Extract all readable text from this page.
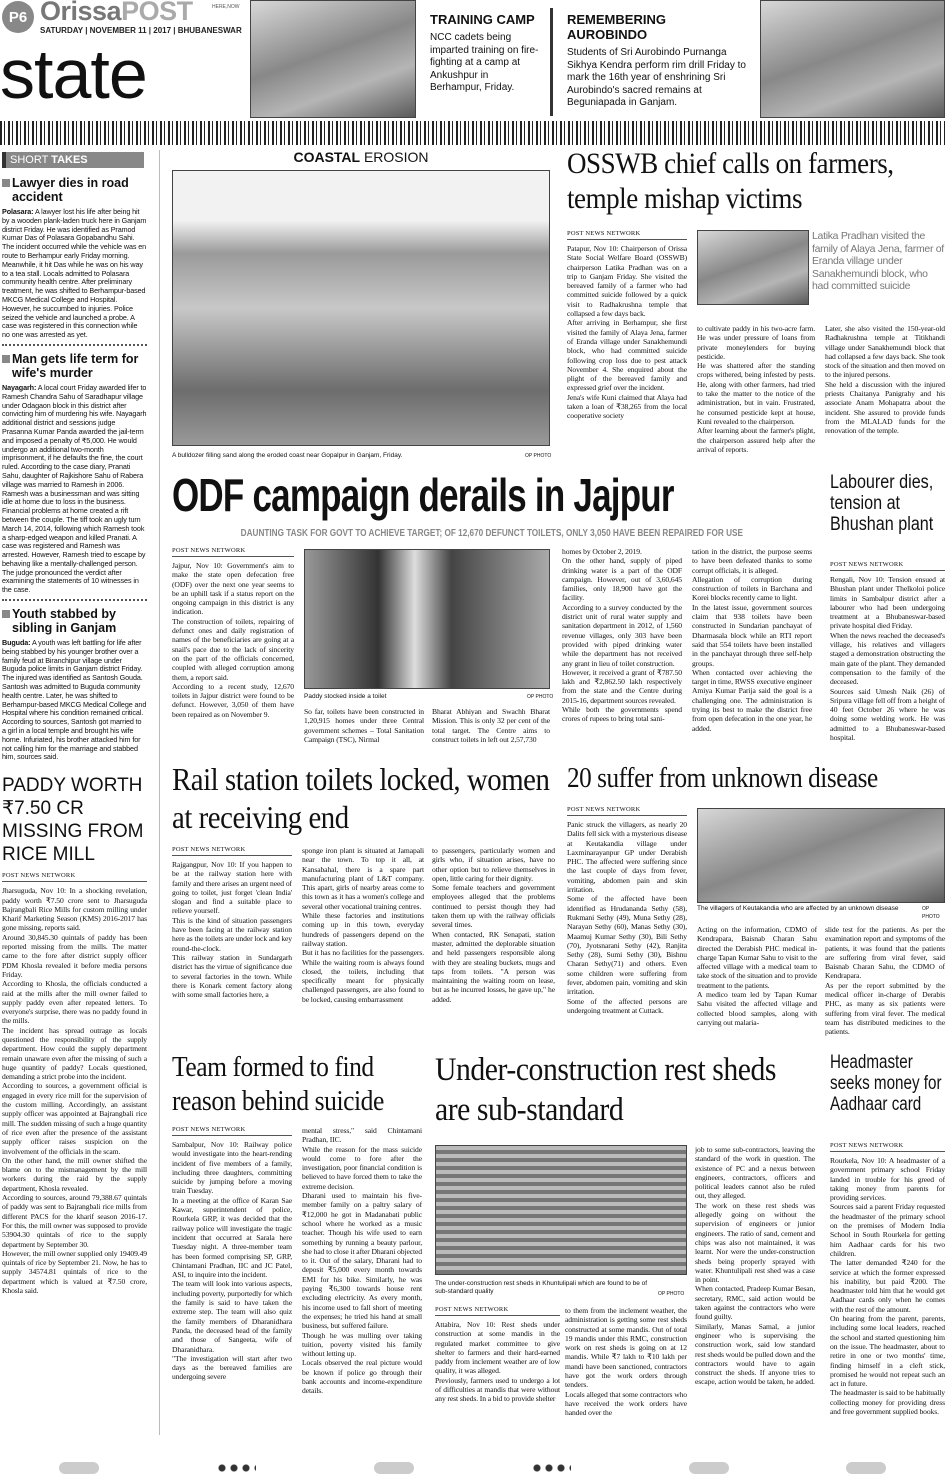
P6 OrissaPOST	HERE,NOW
SATURDAY | NOVEMBER 11 | 2017 | BHUBANESWAR
state
TRAINING CAMP
NCC cadets being imparted training on fire-fighting at a camp at Ankushpur in Berhampur, Friday.
REMEMBERING AUROBINDO
Students of Sri Aurobindo Purnanga Sikhya Kendra perform rim drill Friday to mark the 16th year of enshrining Sri Aurobindo's sacred remains at Beguniapada in Ganjam.
SHORT TAKES
Lawyer dies in road accident
Polasara: A lawyer lost his life after being hit by a wooden plank-laden truck here in Ganjam district Friday. He was identified as Pramod Kumar Das of Polasara Gopabandhu Sahi. The incident occurred while the vehicle was en route to Berhampur early Friday morning. Meanwhile, it hit Das while he was on his way to a tea stall. Locals admitted to Polasara community health centre. After preliminary treatment, he was shifted to Berhampur-based MKCG Medical College and Hospital. However, he succumbed to injuries. Police seized the vehicle and launched a probe. A case was registered in this connection while no one was arrested as yet.
Man gets life term for wife's murder
Nayagarh: A local court Friday awarded lifer to Ramesh Chandra Sahu of Saradhapur village under Odagaon block in this district after convicting him of murdering his wife. Nayagarh additional district and sessions judge Prasanna Kumar Panda awarded the jail-term and imposed a penalty of ₹5,000. He would undergo an additional two-month imprisonment, if he defaults the fine, the court ruled. According to the case diary, Pranati Sahu, daughter of Rajkishore Sahu of Rabera village was married to Ramesh in 2006. Ramesh was a businessman and was sitting idle at home due to loss in the business. Financial problems at home created a rift between the couple. The tiff took an ugly turn March 14, 2014, following which Ramesh took a sharp-edged weapon and killed Pranati. A case was registered and Ramesh was arrested. However, Ramesh tried to escape by behaving like a mentally-challenged person. The judge pronounced the verdict after examining the statements of 10 witnesses in the case.
Youth stabbed by sibling in Ganjam
Buguda: A youth was left battling for life after being stabbed by his younger brother over a family feud at Biranchipur village under Buguda police limits in Ganjam district Friday. The injured was identified as Santosh Gouda. Santosh was admitted to Buguda community health centre. Later, he was shifted to Berhampur-based MKCG Medical College and Hospital where his condition remained critical. According to sources, Santosh got married to a girl in a local temple and brought his wife home. Infuriated, his brother attacked him for not calling him for the marriage and stabbed him, sources said.
PADDY WORTH ₹7.50 CR MISSING FROM RICE MILL
POST NEWS NETWORK
Jharsuguda, Nov 10: In a shocking revelation, paddy worth ₹7.50 crore sent to Jharsuguda Bajrangbali Rice Mills for custom milling under Kharif Marketing Season (KMS) 2016-2017 has gone missing, reports said.
Around 30,845.30 quintals of paddy has been reported missing from the mills. The matter came to the fore after district supply officer PDM Khosla revealed it before media persons Friday.
According to Khosla, the officials conducted a raid at the mills after the mill owner failed to supply paddy even after repeated letters. To everyone's surprise, there was no paddy found in the mills.
The incident has spread outrage as locals questioned the responsibility of the supply department. How could the supply department remain unaware even after the missing of such a huge quantity of paddy? Locals questioned, demanding a strict probe into the incident.
According to sources, a government official is engaged in every rice mill for the supervision of the custom milling. Accordingly, an assistant supply officer was appointed at Bajrangbali rice mill. The sudden missing of such a huge quantity of rice even after the presence of the assistant supply officer raises suspicion on the involvement of the officials in the scam.
On the other hand, the mill owner shifted the blame on to the mismanagement by the mill workers during the raid by the supply department, Khosla revealed.
According to sources, around 79,388.67 quintals of paddy was sent to Bajrangbali rice mills from different PACS for the kharif season 2016-17. For this, the mill owner was supposed to provide 53904.30 quintals of rice to the supply department by September 30.
However, the mill owner supplied only 19409.49 quintals of rice by September 21. Now, he has to supply 34574.81 quintals of rice to the department which is valued at ₹7.50 crore, Khosla said.
COASTAL EROSION
A bulldozer filling sand along the eroded coast near Gopalpur in Ganjam, Friday.	OP PHOTO
OSSWB chief calls on farmers, temple mishap victims
POST NEWS NETWORK
Patapur, Nov 10: Chairperson of Orissa State Social Welfare Board (OSSWB) chairperson Latika Pradhan was on a trip to Ganjam Friday. She visited the bereaved family of a farmer who had committed suicide followed by a quick visit to Radhakrushna temple that collapsed a few days back.
After arriving in Berhampur, she first visited the family of Alaya Jena, farmer of Eranda village under Sanakhemundi block, who had committed suicide following crop loss due to pest attack November 4. She enquired about the plight of the bereaved family and expressed grief over the incident.
Jena's wife Kuni claimed that Alaya had taken a loan of ₹38,265 from the local cooperative society
Latika Pradhan visited the family of Alaya Jena, farmer of Eranda village under Sanakhemundi block, who had committed suicide
to cultivate paddy in his two-acre farm. He was under pressure of loans from private moneylenders for buying pesticide.
He was shattered after the standing crops withered, being infested by pests. He, along with other farmers, had tried to take the matter to the notice of the administration, but in vain. Frustrated, he consumed pesticide kept at house, Kuni revealed to the chairperson.
After learning about the farmer's plight, the chairperson assured help after the arrival of reports.
Later, she also visited the 150-year-old Radhakrushna temple at Titikhandi village under Sanakhemundi block that had collapsed a few days back. She took stock of the situation and then moved on to the injured persons.
She held a discussion with the injured priests Chaitanya Panigrahy and his associate Anam Mohapatra about the incident. She assured to provide funds from the MLALAD funds for the renovation of the temple.
ODF campaign derails in Jajpur
DAUNTING TASK FOR GOVT TO ACHIEVE TARGET; OF 12,670 DEFUNCT TOILETS, ONLY 3,050 HAVE BEEN REPAIRED FOR USE
POST NEWS NETWORK
Jajpur, Nov 10: Government's aim to make the state open defecation free (ODF) over the next one year seems to be an uphill task if a status report on the ongoing campaign in this district is any indication.
The construction of toilets, repairing of defunct ones and daily registration of names of the beneficiaries are going at a snail's pace due to the lack of sincerity on the part of the officials concerned, coupled with alleged corruption among them, a report said.
According to a recent study, 12,670 toilets in Jajpur district were found to be defunct. However, 3,050 of them have been repaired as on November 9.
Paddy stocked inside a toilet	OP PHOTO
So far, toilets have been constructed in 1,20,915 homes under three Central government schemes – Total Sanitation Campaign (TSC), Nirmal
Bharat Abhiyan and Swachh Bharat Mission. This is only 32 per cent of the total target. The Centre aims to construct toilets in left out 2,57,730
homes by October 2, 2019.
On the other hand, supply of piped drinking water is a part of the ODF campaign. However, out of 3,60,645 families, only 18,900 have got the facility.
According to a survey conducted by the district unit of rural water supply and sanitation department in 2012, of 1,560 revenue villages, only 303 have been provided with piped drinking water while the department has not received any grant in lieu of toilet construction.
However, it received a grant of ₹787.50 lakh and ₹2,862.50 lakh respectively from the state and the Centre during 2015-16, department sources revealed.
While both the governments spend crores of rupees to bring total sani-
tation in the district, the purpose seems to have been defeated thanks to some corrupt officials, it is alleged.
Allegation of corruption during construction of toilets in Barchana and Korei blocks recently came to light.
In the latest issue, government sources claim that 938 toilets have been constructed in Sundarian panchayat of Dharmasala block while an RTI report said that 554 toilets have been installed in the panchayat through three self-help groups.
When contacted over achieving the target in time, RWSS executive engineer Amiya Kumar Parija said the goal is a challenging one. The administration is trying its best to make the district free from open defecation in the one year, he added.
Labourer dies, tension at Bhushan plant
POST NEWS NETWORK
Rengali, Nov 10: Tension ensued at Bhushan plant under Thelkoloi police limits in Sambalpur district after a labourer who had been undergoing treatment at a Bhubaneswar-based private hospital died Friday.
When the news reached the deceased's village, his relatives and villagers staged a demonstration obstructing the main gate of the plant. They demanded compensation to the family of the deceased.
Sources said Umesh Naik (26) of Sripura village fell off from a height of 40 feet October 26 where he was doing some welding work. He was admitted to a Bhubaneswar-based hospital.
Rail station toilets locked, women at receiving end
POST NEWS NETWORK
Rajgangpur, Nov 10: If you happen to be at the railway station here with family and there arises an urgent need of going to toilet, just forget 'clean India' slogan and find a suitable place to relieve yourself.
This is the kind of situation passengers have been facing at the railway station here as the toilets are under lock and key round-the-clock.
This railway station in Sundargarh district has the virtue of significance due to several factories in the town. While there is Konark cement factory along with some small factories here, a
sponge iron plant is situated at Jamapali near the town. To top it all, at Kansabahal, there is a spare part manufacturing plant of L&T company. This apart, girls of nearby areas come to this town as it has a women's college and several other vocational training centres.
While these factories and institutions coming up in this town, everyday hundreds of passengers depend on the railway station.
But it has no facilities for the passengers. While the waiting room is always found closed, the toilets, including that specifically meant for physically challenged passengers, are also found to be locked, causing embarrassment
to passengers, particularly women and girls who, if situation arises, have no other option but to relieve themselves in open, little caring for their dignity.
Some female teachers and government employees alleged that the problems continued to persist though they had taken them up with the railway officials several times.
When contacted, RK Senapati, station master, admitted the deplorable situation and held passengers responsible along with they are stealing buckets, mugs and taps from toilets. "A person was maintaining the waiting room on lease, but as he incurred losses, he gave up," he added.
20 suffer from unknown disease
POST NEWS NETWORK
Panic struck the villagers, as nearly 20 Dalits fell sick with a mysterious disease at Keutakandia village under Laxminarayanpur GP under Derabish PHC. The affected were suffering since the last couple of days from fever, vomiting, abdomen pain and skin irritation.
Some of the affected have been identified as Hrudananda Sethy (58), Rukmani Sethy (49), Muna Sethy (28), Narayan Sethy (60), Manas Sethy (30), Maamuj Kumar Sethy (30), Bili Sethy (70), Jyotsnarani Sethy (42), Ranjita Sethy (28), Sumi Sethy (30), Bishnu Charan Sethy(71) and others. Even some children were suffering from fever, abdomen pain, vomiting and skin irritation.
Some of the affected persons are undergoing treatment at Cuttack.
The villagers of Keutakandia who are affected by an unknown disease	OP PHOTO
Acting on the information, CDMO of Kendrapara, Baisnab Charan Sahu directed the Derabish PHC medical in-charge Tapan Kumar Sahu to visit to the affected village with a medical team to take stock of the situation and to provide treatment to the patients.
A medico team led by Tapan Kumar Sahu visited the affected village and collected blood samples, along with carrying out malaria-
slide test for the patients. As per the examination report and symptoms of the patients, it was found that the patients are suffering from viral fever, said Baisnab Charan Sahu, the CDMO of Kendrapara.
As per the report submitted by the medical officer in-charge of Derabis PHC, as many as six patients were suffering from viral fever. The medical team has distributed medicines to the patients.
Team formed to find reason behind suicide
POST NEWS NETWORK
Sambalpur, Nov 10: Railway police would investigate into the heart-rending incident of five members of a family, including three daughters, committing suicide by jumping before a moving train Tuesday.
In a meeting at the office of Karan Sae Kawar, superintendent of police, Rourkela GRP, it was decided that the railway police will investigate the tragic incident that occurred at Sarala here Tuesday night. A three-member team has been formed comprising SP, GRP, Chintamani Pradhan, IIC and JC Patel, ASI, to inquire into the incident.
The team will look into various aspects, including poverty, purportedly for which the family is said to have taken the extreme step. The team will also quiz the family members of Dharanidhara Panda, the deceased head of the family and those of Sangeeta, wife of Dharanidhara.
"The investigation will start after two days as the bereaved families are undergoing severe
mental stress," said Chintamani Pradhan, IIC.
While the reason for the mass suicide would come to fore after the investigation, poor financial condition is believed to have forced them to take the extreme decision.
Dharani used to maintain his five-member family on a paltry salary of ₹12,000 he got in Madanabati public school where he worked as a music teacher. Though his wife used to earn something by running a beauty parlour, she had to close it after Dharani objected to it. Out of the salary, Dharani had to deposit ₹5,000 every month towards EMI for his bike. Similarly, he was paying ₹6,300 towards house rent excluding electricity. As every month, his income used to fall short of meeting the expenses; he tried his hand at small business, but suffered failure.
Though he was mulling over taking tuition, poverty visited his family without letting up.
Locals observed the real picture would be known if police go through their bank accounts and income-expenditure details.
Under-construction rest sheds are sub-standard
The under-construction rest sheds in Khuntulipali which are found to be of sub-standard quality	OP PHOTO
POST NEWS NETWORK
Attabira, Nov 10: Rest sheds under construction at some mandis in the regulated market committee to give shelter to farmers and their hard-earned paddy from inclement weather are of low quality, it was alleged.
Previously, farmers used to undergo a lot of difficulties at mandis that were without any rest sheds. In a bid to provide shelter
to them from the inclement weather, the administration is getting some rest sheds constructed at some mandis. Out of total 19 mandis under this RMC, construction work on rest sheds is going on at 12 mandis. While ₹7 lakh to ₹10 lakh per mandi have been sanctioned, contractors have got the work orders through tenders.
Locals alleged that some contractors who have received the work orders have handed over the
job to some sub-contractors, leaving the standard of the work in question. The existence of PC and a nexus between engineers, contractors, officers and political leaders cannot also be ruled out, they alleged.
The work on these rest sheds was allegedly going on without the supervision of engineers or junior engineers. The ratio of sand, cement and chips was also not maintained, it was learnt. Nor were the under-construction sheds being properly sprayed with water. Khuntulipali rest shed was a case in point.
When contacted, Pradeep Kumar Besan, secretary, RMC, said action would be taken against the contractors who were found guilty.
Similarly, Manas Samal, a junior engineer who is supervising the construction work, said low standard rest sheds would be pulled down and the contractors would have to again construct the sheds. If anyone tries to escape, action would be taken, he added.
Headmaster seeks money for Aadhaar card
POST NEWS NETWORK
Rourkela, Nov 10: A headmaster of a government primary school Friday landed in trouble for his greed of taking money from parents for providing services.
Sources said a parent Friday requested the headmaster of the primary school on the premises of Modern India School in South Rourkela for getting him Aadhaar cards for his two children.
The latter demanded ₹240 for the service at which the former expressed his inability, but paid ₹200. The headmaster told him that he would get Aadhaar cards only when he comes with the rest of the amount.
On hearing from the parent, parents, including some local leaders, reached the school and started questioning him on the issue. The headmaster, about to retire in one or two months' time, finding himself in a cleft stick, promised he would not repeat such an act in future.
The headmaster is said to be habitually collecting money for providing dress and free government supplied books.
